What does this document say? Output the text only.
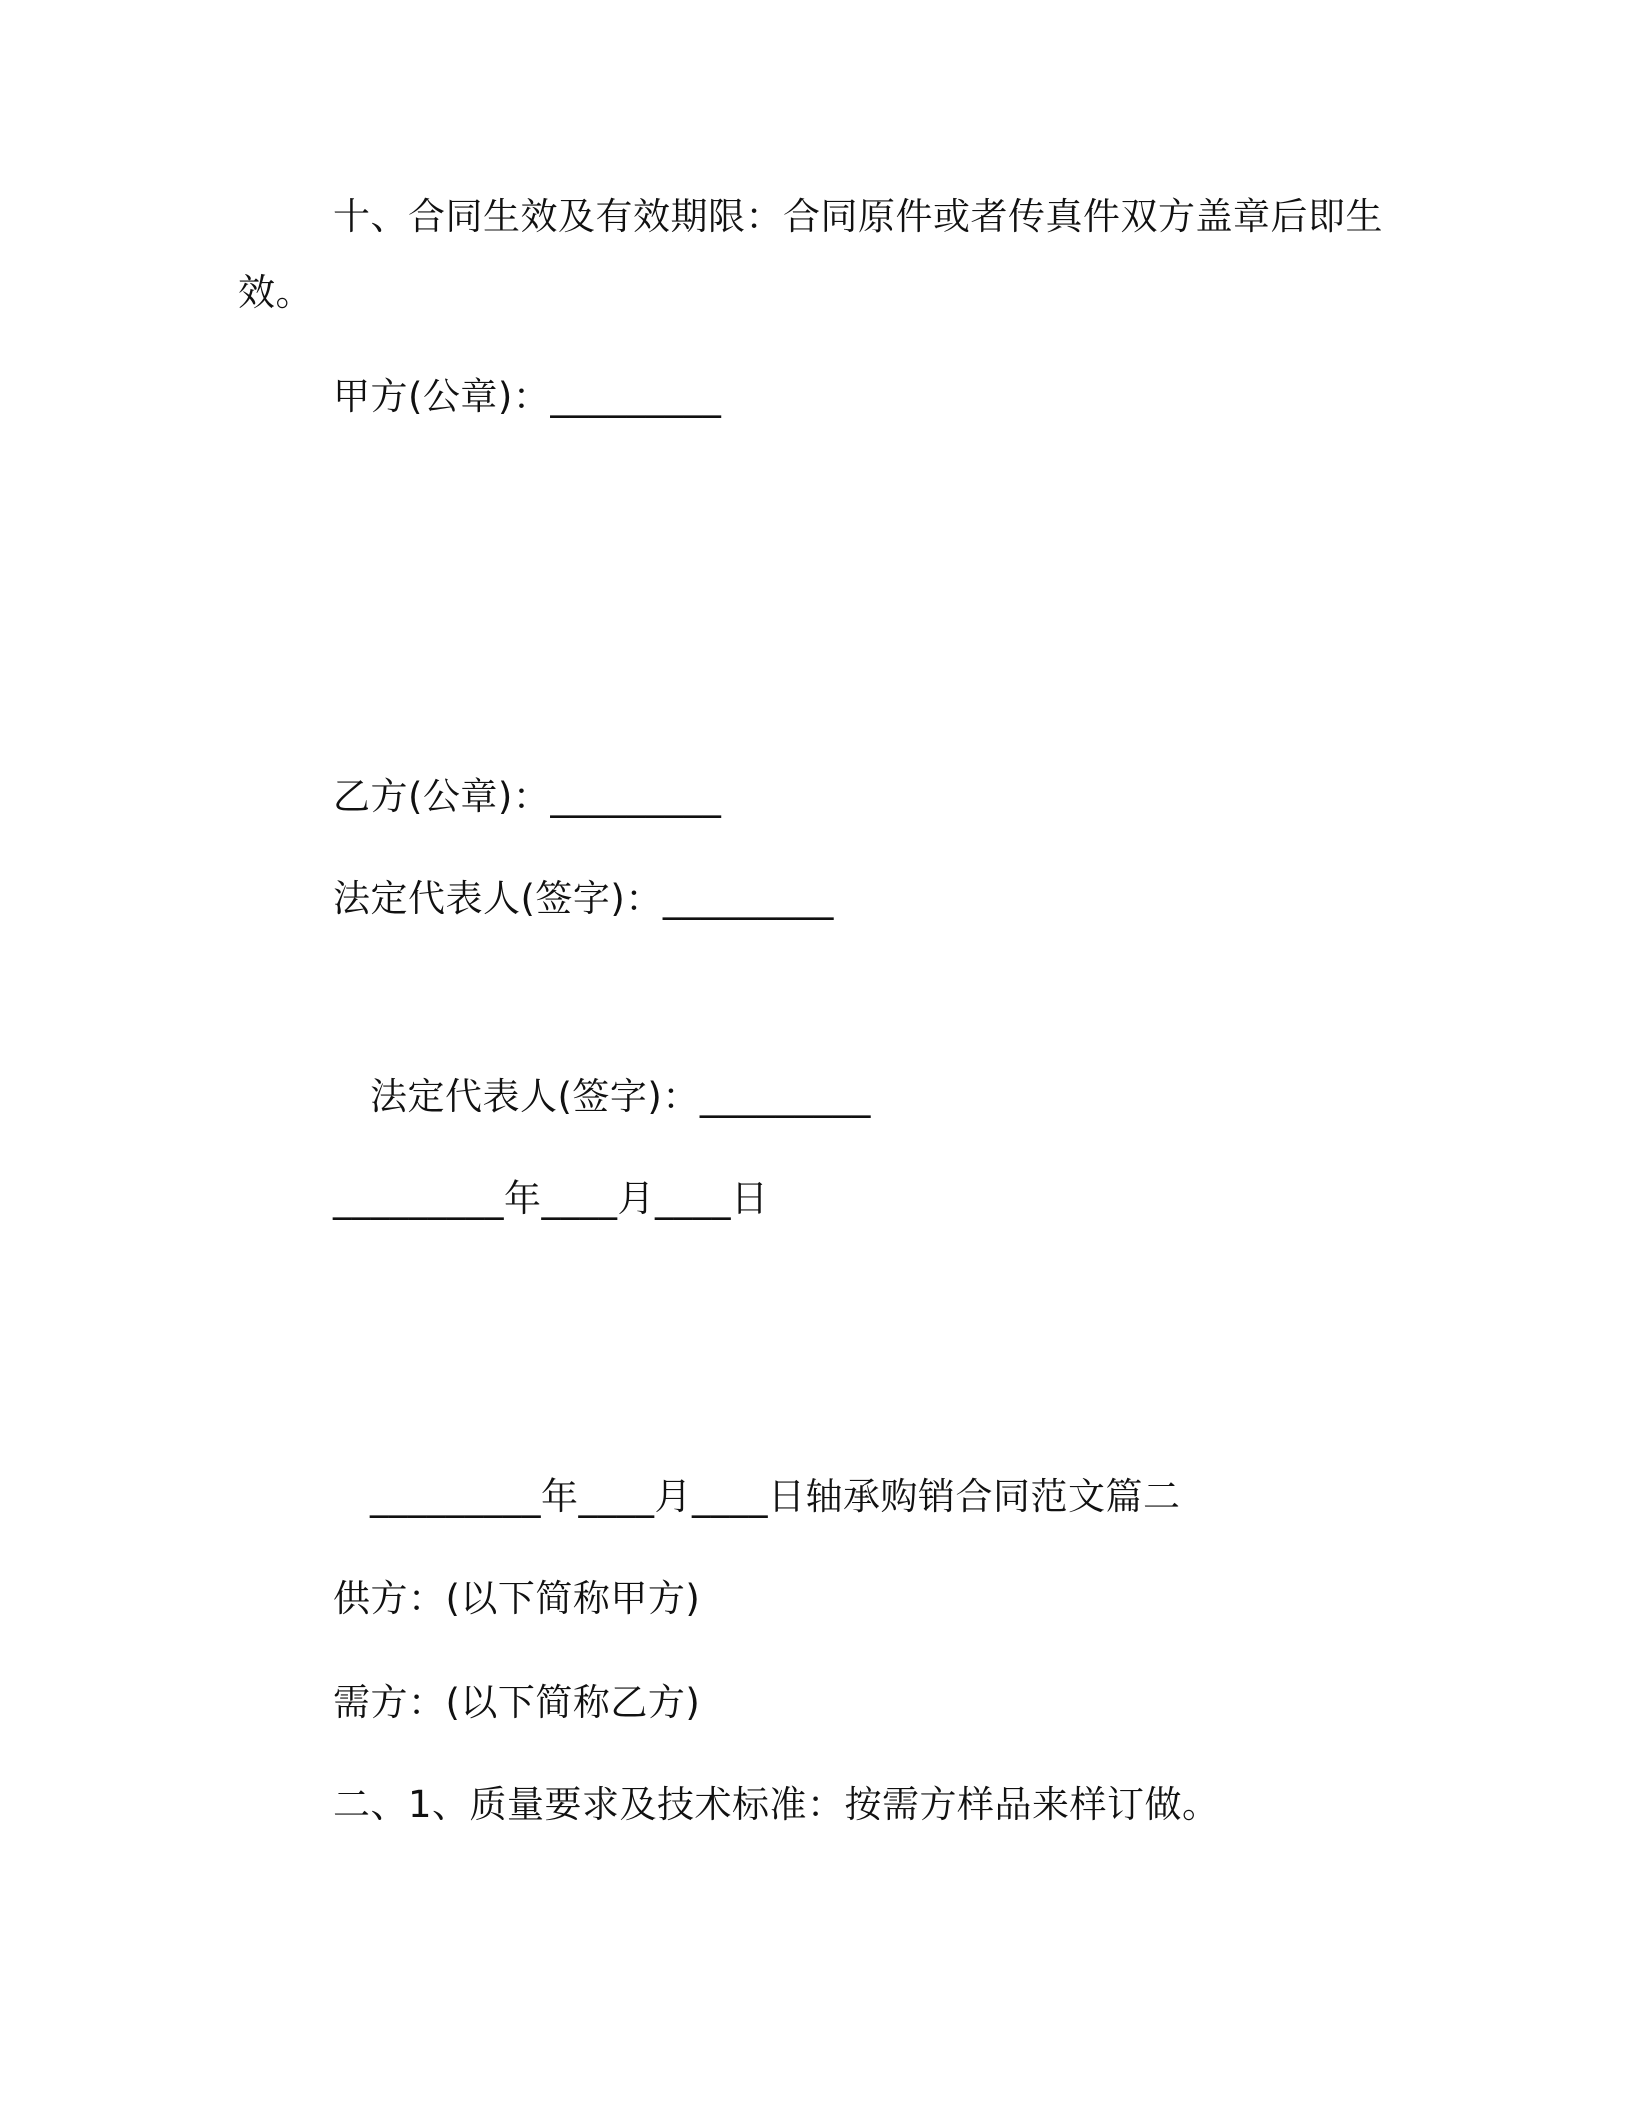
十、合同生效及有效期限：合同原件或者传真件双方盖章后即生
效。
甲方(公章)：_________
乙方(公章)：_________
法定代表人(签字)：_________
法定代表人(签字)：_________
_________年____月____日
_________年____月____日轴承购销合同范文篇二
供方：(以下简称甲方)
需方：(以下简称乙方)
二、1、质量要求及技术标准：按需方样品来样订做。
